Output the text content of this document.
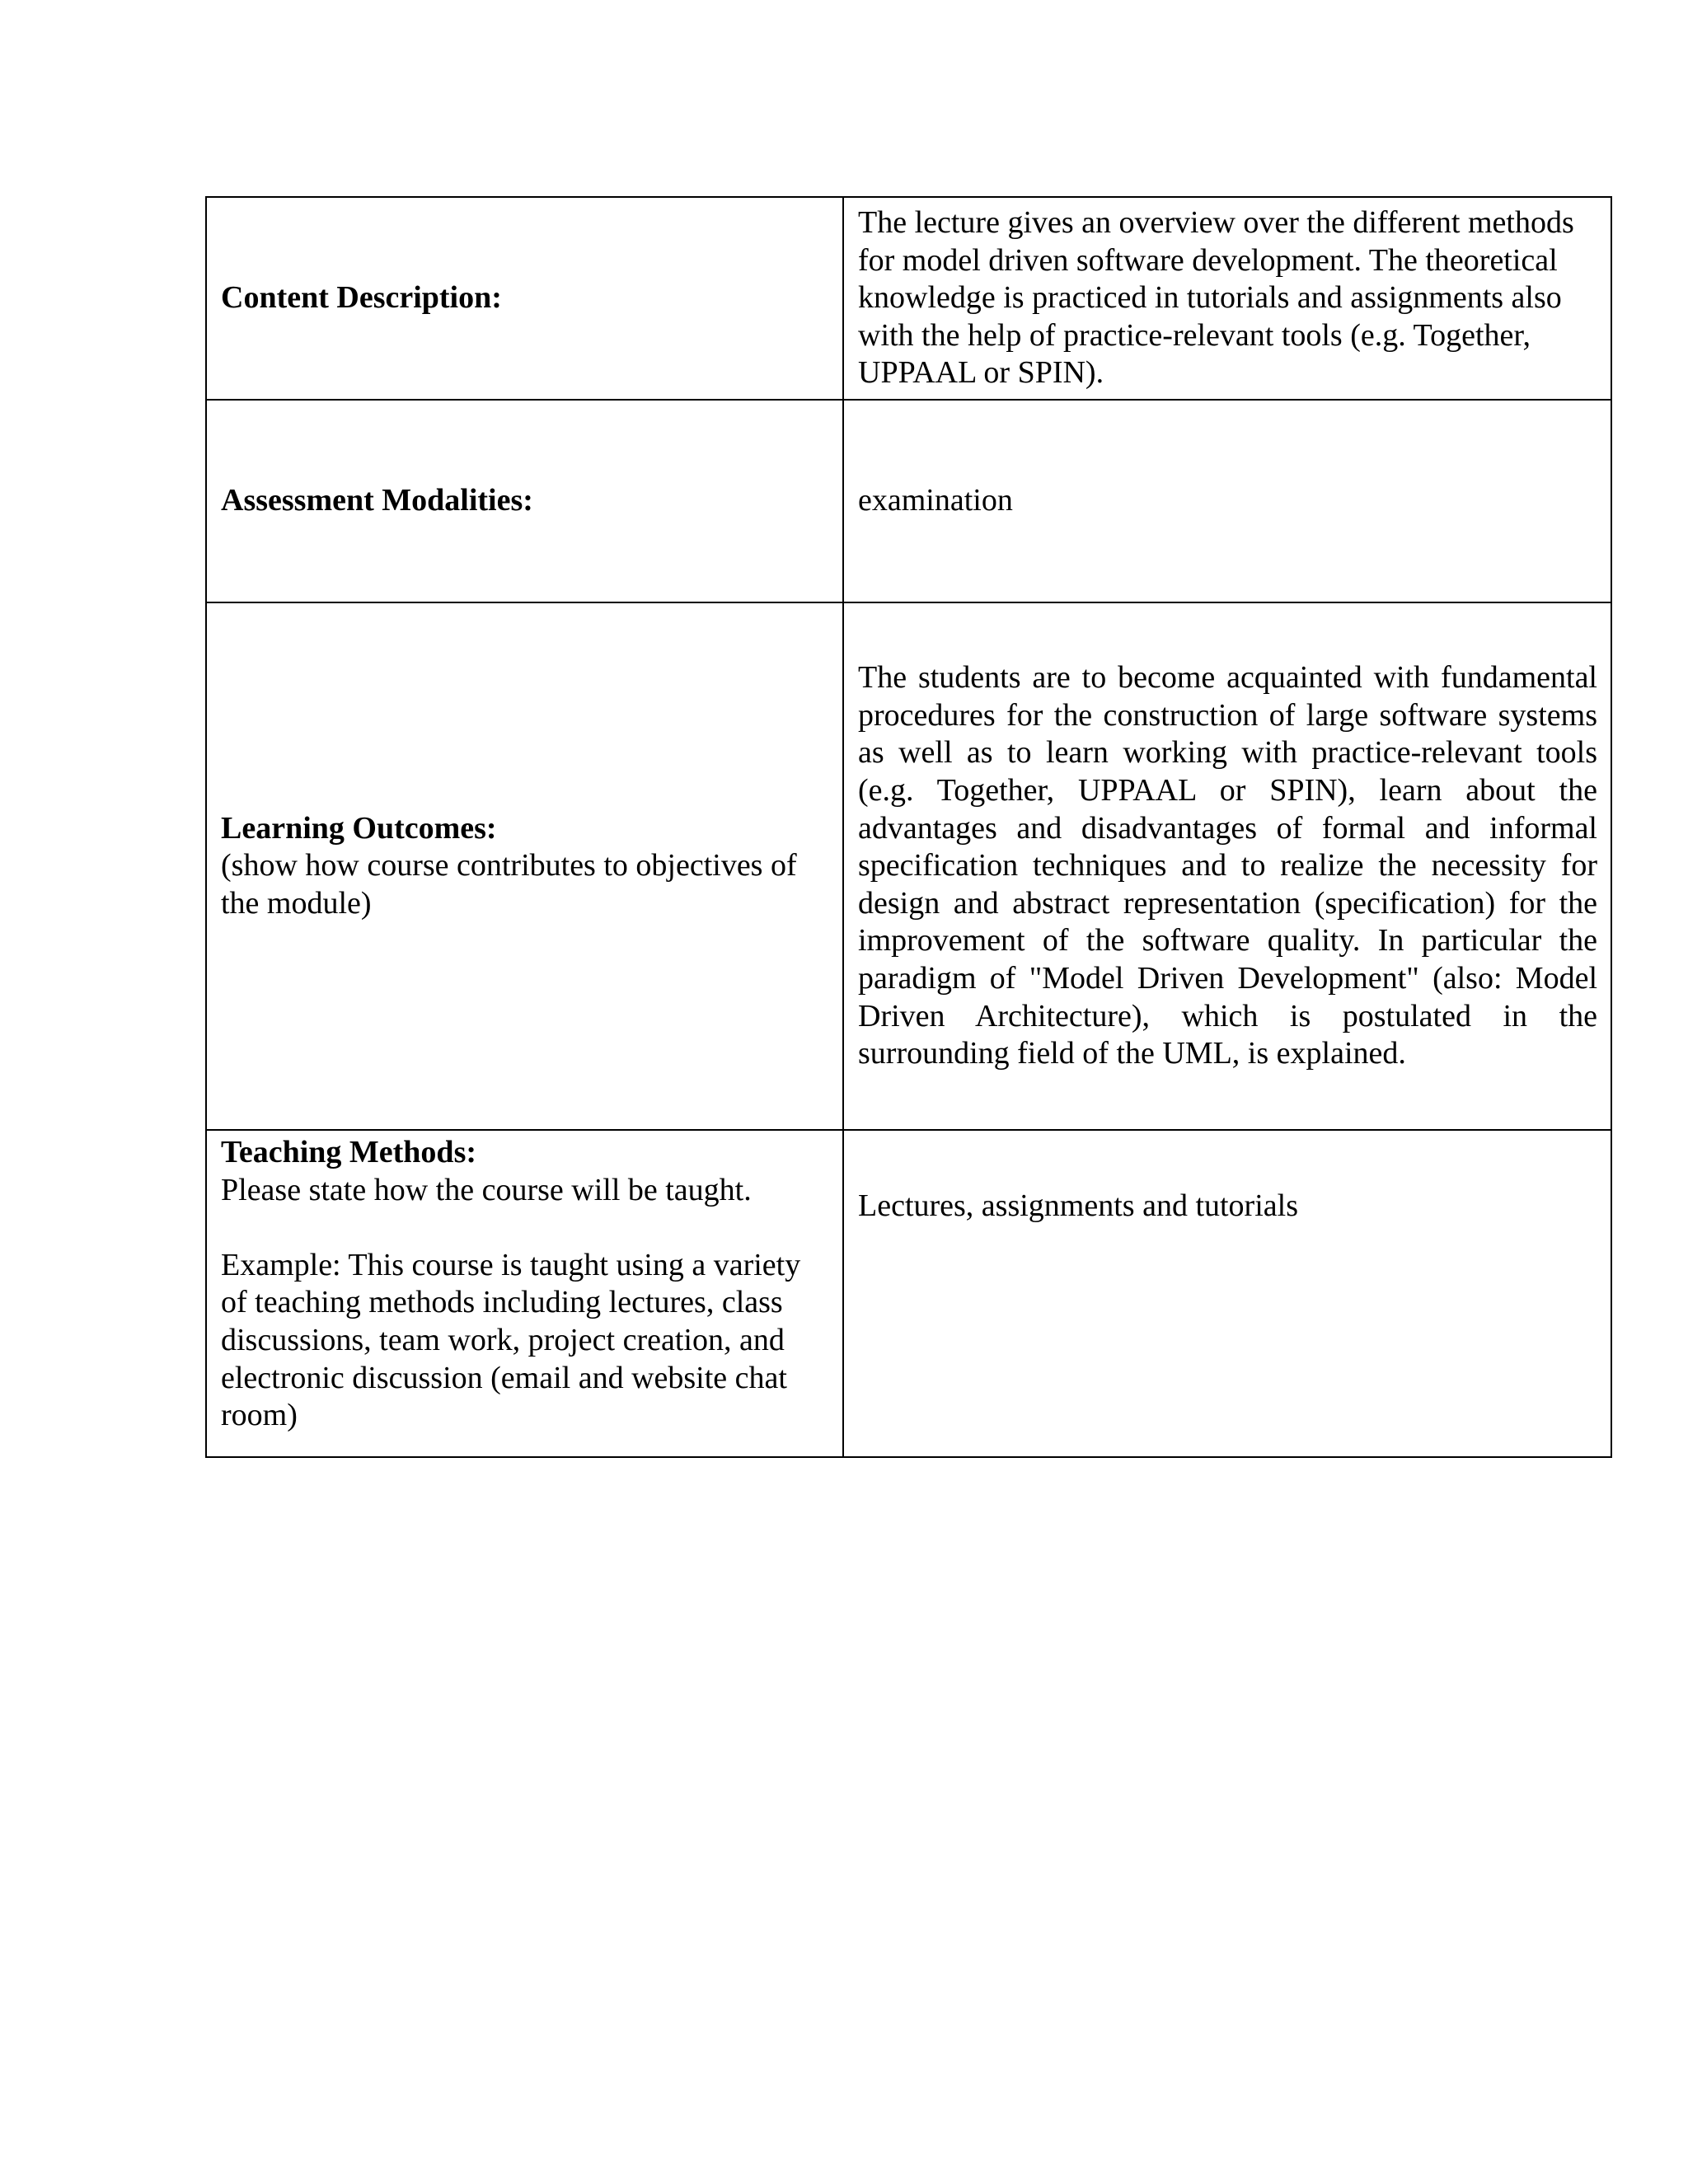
Content Description:	The lecture gives an overview over the different methods for model driven software development. The theoretical knowledge is practiced in tutorials and assignments also with the help of practice-relevant tools (e.g. Together, UPPAAL or SPIN).

Assessment Modalities:	examination

Learning Outcomes:
(show how course contributes to objectives of the module)	The students are to become acquainted with fundamental procedures for the construction of large software systems as well as to learn working with practice-relevant tools (e.g. Together, UPPAAL or SPIN), learn about the advantages and disadvantages of formal and informal specification techniques and to realize the necessity for design and abstract representation (specification) for the improvement of the software quality. In particular the paradigm of "Model Driven Development" (also: Model Driven Architecture), which is postulated in the surrounding field of the UML, is explained.

Teaching Methods:
Please state how the course will be taught.
Example: This course is taught using a variety of teaching methods including lectures, class discussions, team work, project creation, and electronic discussion (email and website chat room)	Lectures, assignments and tutorials
